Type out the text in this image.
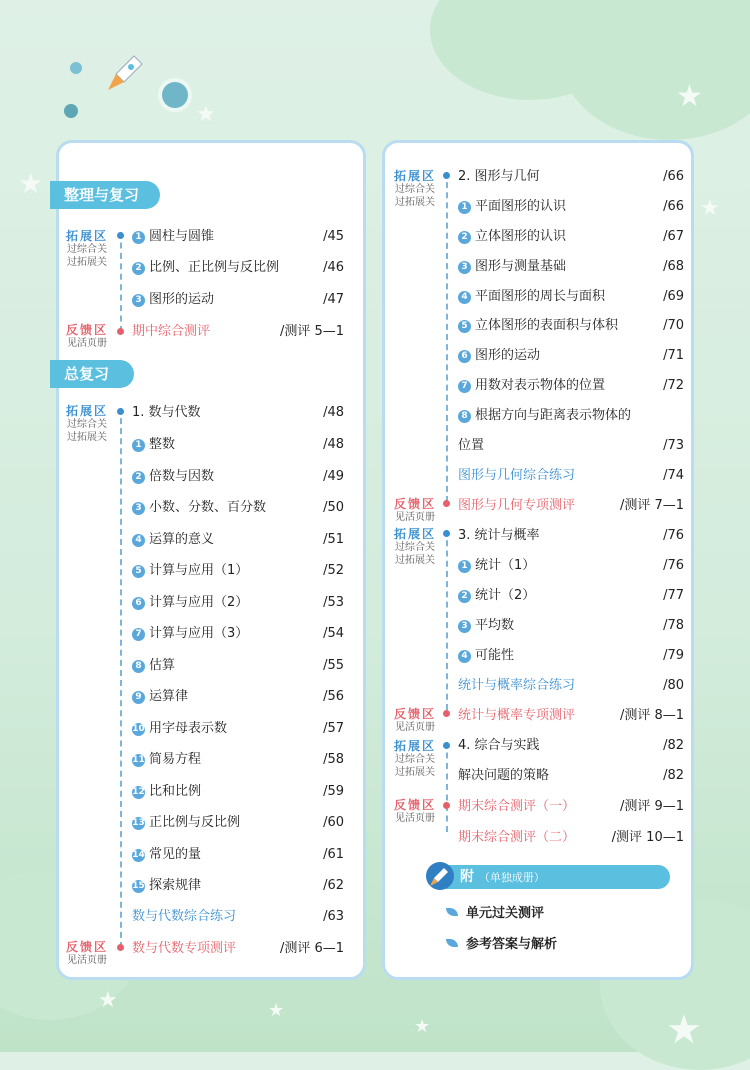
★
★
★
★
★	★
★	★
整理与复习
总复习
拓展区
过综合关
过拓展关
反馈区
见活页册
拓展区
过综合关
过拓展关
反馈区
见活页册
拓展区
过综合关
过拓展关
反馈区
见活页册
拓展区
过综合关
过拓展关
反馈区
见活页册
拓展区
过综合关
过拓展关
反馈区
见活页册
1 圆柱与圆锥	/45
2 比例、正比例与反比例	/46
3 图形的运动	/47
期中综合测评	/测评 5—1
1. 数与代数	/48
1 整数	/48
2 倍数与因数	/49
3 小数、分数、百分数	/50
4 运算的意义	/51
5 计算与应用（1）	/52
6 计算与应用（2）	/53
7 计算与应用（3）	/54
8 估算	/55
9 运算律	/56
10 用字母表示数	/57
11 简易方程	/58
12 比和比例	/59
13 正比例与反比例	/60
14 常见的量	/61
15 探索规律	/62
数与代数综合练习	/63
数与代数专项测评	/测评 6—1
2. 图形与几何	/66
1 平面图形的认识	/66
2 立体图形的认识	/67
3 图形与测量基础	/68
4 平面图形的周长与面积	/69
5 立体图形的表面积与体积	/70
6 图形的运动	/71
7 用数对表示物体的位置	/72
8 根据方向与距离表示物体的
位置	/73
图形与几何综合练习	/74
图形与几何专项测评	/测评 7—1
3. 统计与概率	/76
1 统计（1）	/76
2 统计（2）	/77
3 平均数	/78
4 可能性	/79
统计与概率综合练习	/80
统计与概率专项测评	/测评 8—1
4. 综合与实践	/82
解决问题的策略	/82
期末综合测评（一）	/测评 9—1
期末综合测评（二）	/测评 10—1
附 （单独成册）
单元过关测评
参考答案与解析
